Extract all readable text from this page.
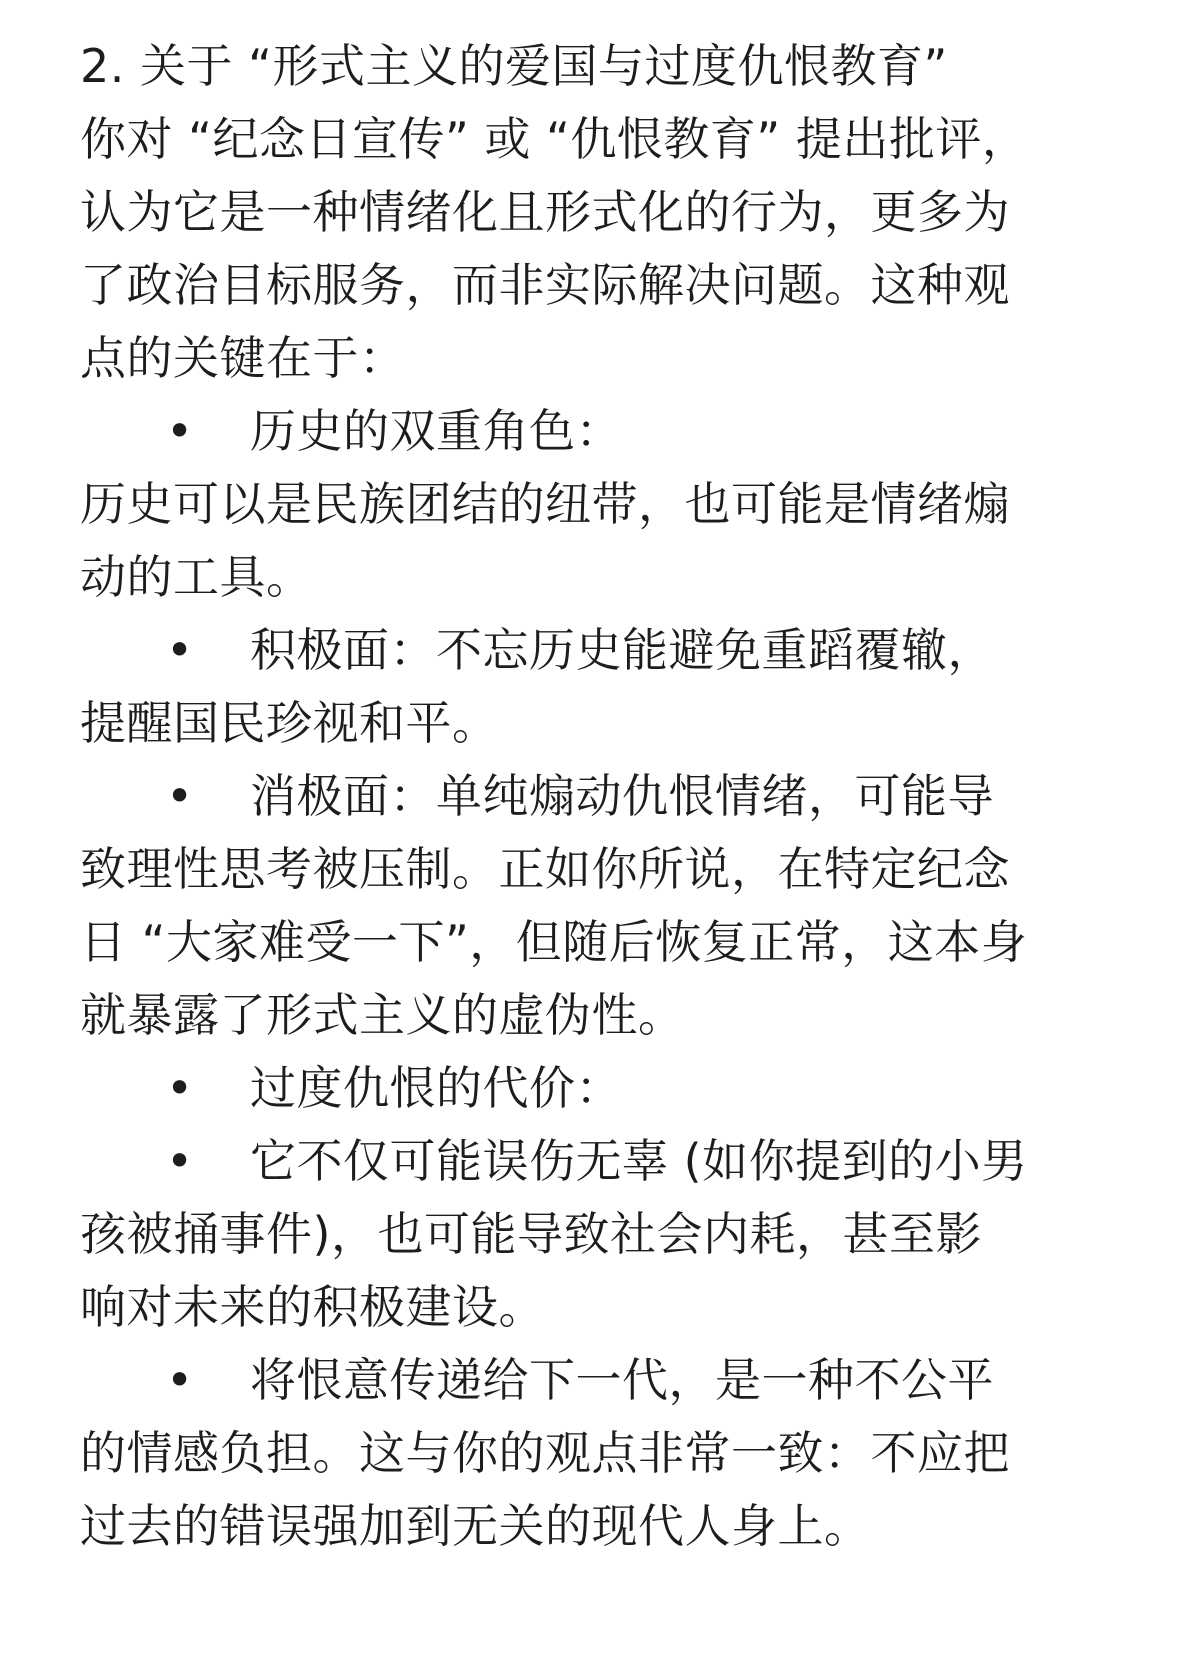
2. 关于 “形式主义的爱国与过度仇恨教育”
你对 “纪念日宣传” 或 “仇恨教育” 提出批评，
认为它是一种情绪化且形式化的行为，更多为
了政治目标服务，而非实际解决问题。这种观
点的关键在于：
• 历史的双重角色：
历史可以是民族团结的纽带，也可能是情绪煽
动的工具。
• 积极面：不忘历史能避免重蹈覆辙，
提醒国民珍视和平。
• 消极面：单纯煽动仇恨情绪，可能导
致理性思考被压制。正如你所说，在特定纪念
日 “大家难受一下”，但随后恢复正常，这本身
就暴露了形式主义的虚伪性。
• 过度仇恨的代价：
• 它不仅可能误伤无辜 (如你提到的小男
孩被捅事件)，也可能导致社会内耗，甚至影
响对未来的积极建设。
• 将恨意传递给下一代，是一种不公平
的情感负担。这与你的观点非常一致：不应把
过去的错误强加到无关的现代人身上。
